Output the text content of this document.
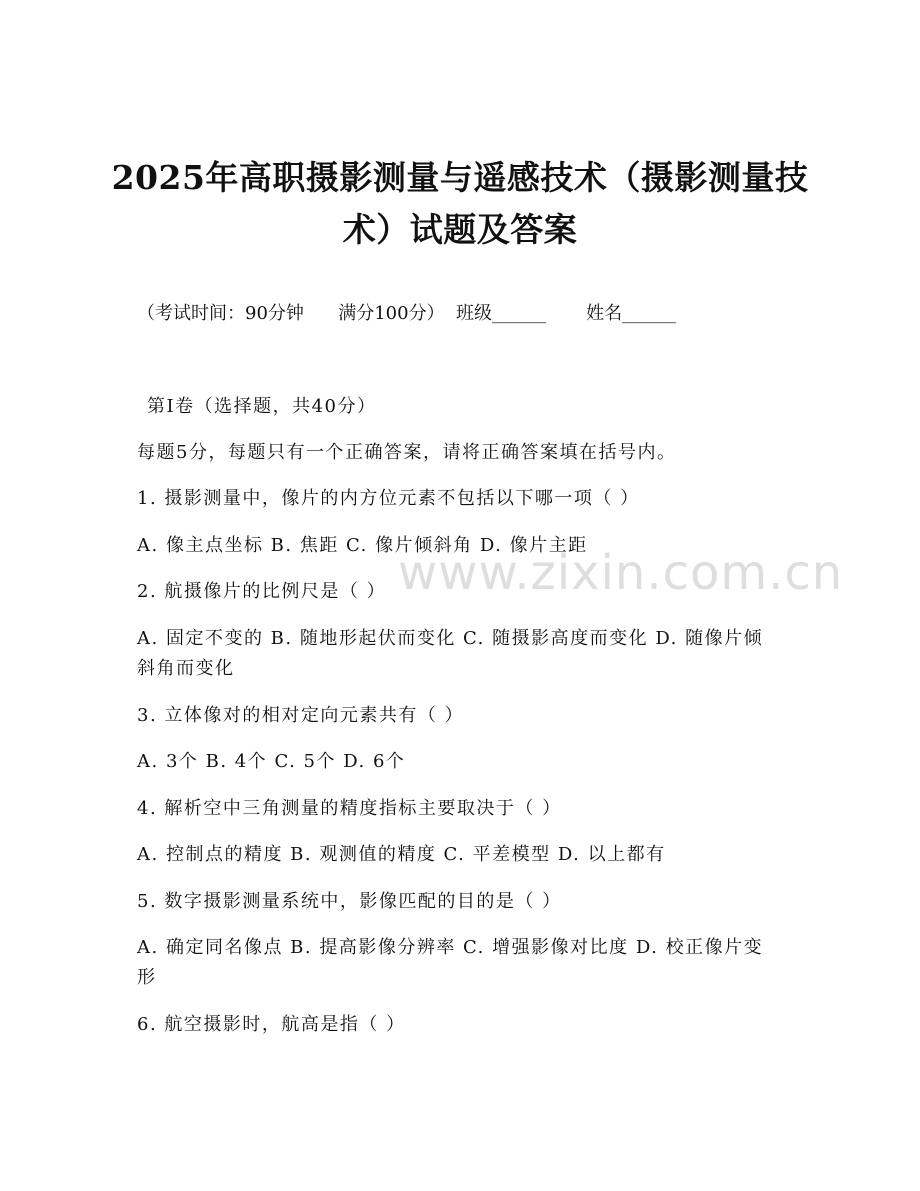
2025年高职摄影测量与遥感技术（摄影测量技术）试题及答案
（考试时间：90分钟      满分100分）  班级______       姓名______
第I卷（选择题，共40分）
每题5分，每题只有一个正确答案，请将正确答案填在括号内。
1. 摄影测量中，像片的内方位元素不包括以下哪一项（ ）
A. 像主点坐标 B. 焦距 C. 像片倾斜角 D. 像片主距
2. 航摄像片的比例尺是（ ）
A. 固定不变的 B. 随地形起伏而变化 C. 随摄影高度而变化 D. 随像片倾斜角而变化
3. 立体像对的相对定向元素共有（ ）
A. 3个 B. 4个 C. 5个 D. 6个
4. 解析空中三角测量的精度指标主要取决于（ ）
A. 控制点的精度 B. 观测值的精度 C. 平差模型 D. 以上都有
5. 数字摄影测量系统中，影像匹配的目的是（ ）
A. 确定同名像点 B. 提高影像分辨率 C. 增强影像对比度 D. 校正像片变形
6. 航空摄影时，航高是指（ ）
www.zixin.com.cn
